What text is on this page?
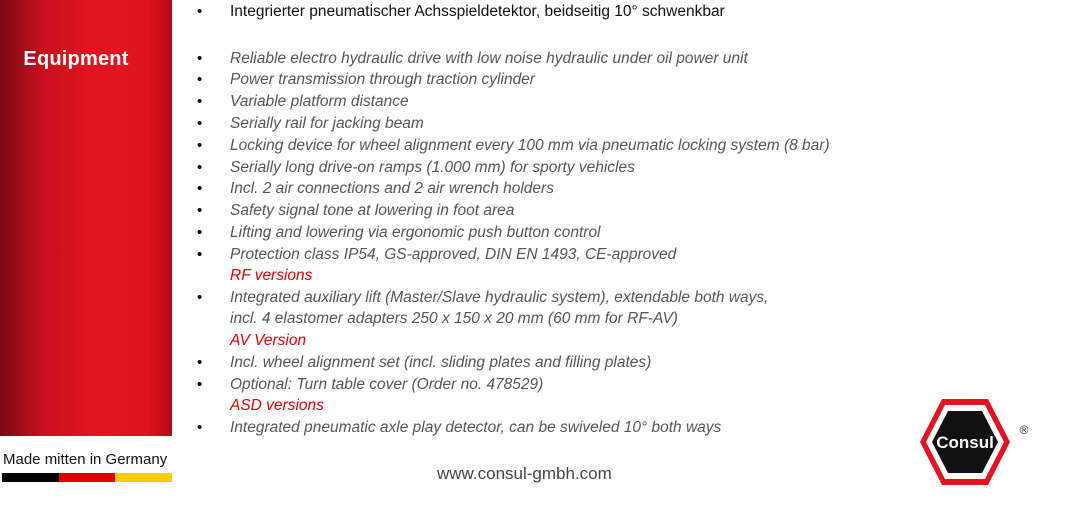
Equipment
Made mitten in Germany
• Integrierter pneumatischer Achsspieldetektor, beidseitig 10° schwenkbar
• Reliable electro hydraulic drive with low noise hydraulic under oil power unit
• Power transmission through traction cylinder
• Variable platform distance
• Serially rail for jacking beam
• Locking device for wheel alignment every 100 mm via pneumatic locking system (8 bar)
• Serially long drive-on ramps (1.000 mm) for sporty vehicles
• Incl. 2 air connections and 2 air wrench holders
• Safety signal tone at lowering in foot area
• Lifting and lowering via ergonomic push button control
• Protection class IP54, GS-approved, DIN EN 1493, CE-approved
RF versions
• Integrated auxiliary lift (Master/Slave hydraulic system), extendable both ways,
incl. 4 elastomer adapters 250 x 150 x 20 mm (60 mm for RF-AV)
AV Version
• Incl. wheel alignment set (incl. sliding plates and filling plates)
• Optional: Turn table cover (Order no. 478529)
ASD versions
• Integrated pneumatic axle play detector, can be swiveled 10° both ways
www.consul-gmbh.com
Consul
®
